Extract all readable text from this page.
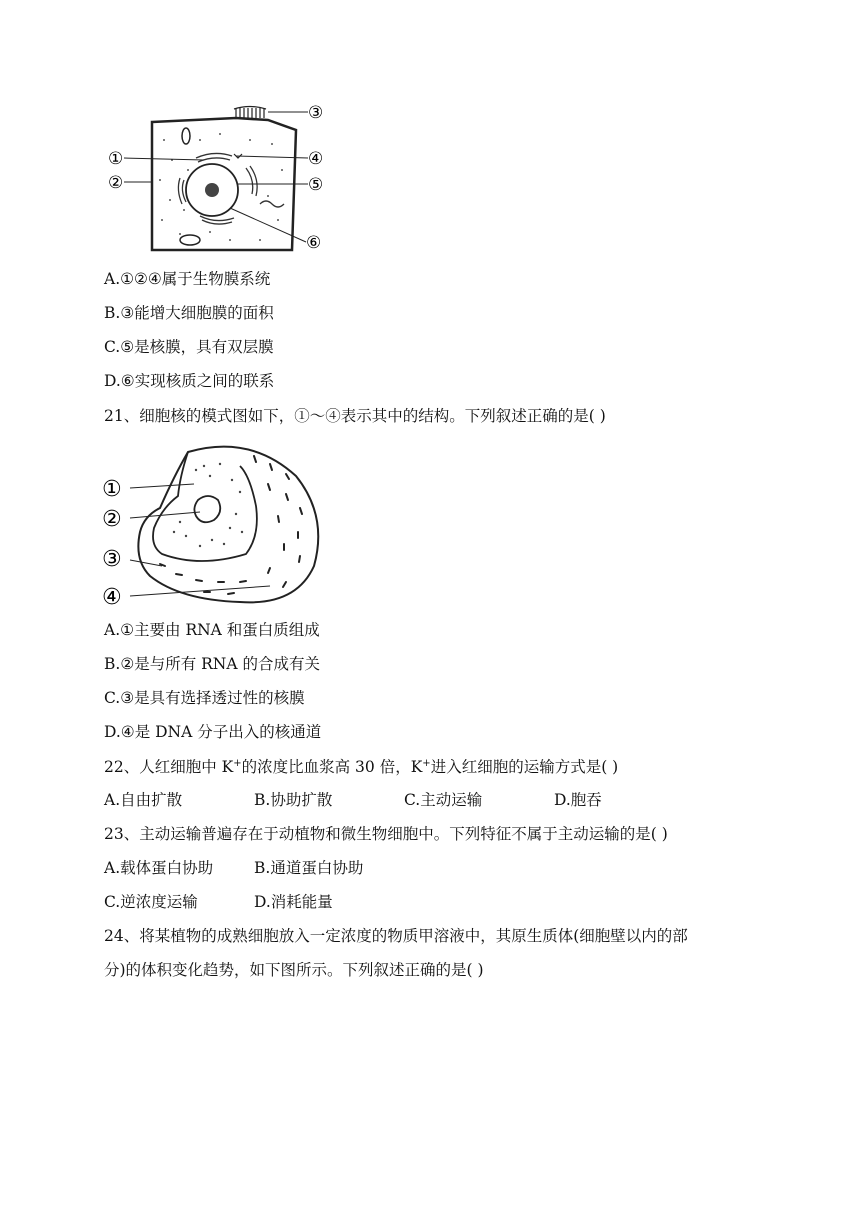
①
②
③
④
⑤
⑥
A.①②④属于生物膜系统
B.③能增大细胞膜的面积
C.⑤是核膜，具有双层膜
D.⑥实现核质之间的联系
21、细胞核的模式图如下，①～④表示其中的结构。下列叙述正确的是( )
①
②
③
④
A.①主要由 RNA 和蛋白质组成
B.②是与所有 RNA 的合成有关
C.③是具有选择透过性的核膜
D.④是 DNA 分子出入的核通道
22、人红细胞中 K+的浓度比血浆高 30 倍，K+进入红细胞的运输方式是( )
A.自由扩散	B.协助扩散	C.主动运输	D.胞吞
23、主动运输普遍存在于动植物和微生物细胞中。下列特征不属于主动运输的是( )
A.载体蛋白协助	B.通道蛋白协助
C.逆浓度运输	D.消耗能量
24、将某植物的成熟细胞放入一定浓度的物质甲溶液中，其原生质体(细胞壁以内的部
分)的体积变化趋势，如下图所示。下列叙述正确的是( )
